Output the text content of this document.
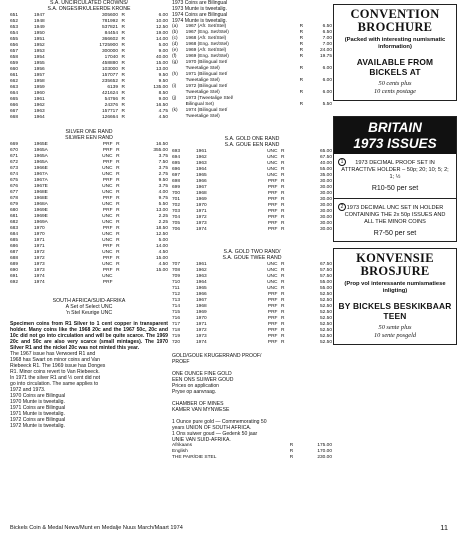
S.A. UNCIRCULATED CROWNS/
S.A. ONGESIRKULEERDE KRONE
651	1947	305600	R	6.00
652	1948	781992	R	10.00
653	1949	537821	R	12.50
654	1950	84454	R	19.00
655	1951	366602	R	14.00
656	1952	1725900	R	5.00
657	1953	300000	R	9.00
658	1954	17040	R	40.00
659	1955	458880	R	15.00
660	1956	103000	R	13.00
661	1957	157077	R	9.50
662	1958	235652	R	9.50
663	1959	6139	R	135.00
664	1960	421624	R	8.50
665	1961	54766	R	9.00
666	1962	24376	R	16.50
667	1963	157717	R	4.75
668	1964	126664	R	4.50
SILVER ONE RAND
SILWER EEN RAND
669	1965E	PRF	R	16.50
670	1965A	PRF	R	355.00
671	1965A	UNC	R	3.75
672	1965A	PRF	R	7.50
673	1966E	UNC	R	3.75
674	1967A	UNC	R	2.75
675	1967A	PRF	R	9.50
676	1967E	UNC	R	3.75
677	1968E	UNC	R	4.00
678	1968E	PRF	R	9.75
679	1968A	UNC	R	5.50
680	1969E	PRF	R	13.00
681	1969E	UNC	R	2.25
682	1969A	UNC	R	2.25
683	1970	PRF	R	18.50
684	1970	UNC	R	12.50
685	1971	UNC	R	5.00
686	1971	PRF	R	14.00
687	1972	UNC	R	4.50
688	1972	PRF	R	15.00
689	1973	UNC	R	4.50
690	1973	PRF	R	15.00
691	1974	UNC		
692	1974	PRF		
SOUTH AFRICA/SUID-AFRIKA
A Set of Select UNC
'n Stel Keurige UNC
Specimen coins from R1 Silver to 1 cent copper in transparent holder. Many coins like the 1968 20c and the 1967 50c, 20c and 10c did not go into circulation and will be quite scarce. The 1969 20c and 50c are also very scarce (small mintages). The 1970 Silver R1 and the nickel 20c was not minted this year.
The 1967 issue has Verwoerd R1 and
1968 has Swart on minor coins and Van
Riebeeck R1. The 1969 issue has Donges
R1. Minor coins revert to Van Riebeeck.
In 1971 the silver R1 and ½ cent did not
go into circulation. The same applies to
1972 and 1973.
1970 Coins are Bilingual
1970 Munte is tweetalig.
1971 Coins are Bilingual
1971 Munte is tweetalig.
1972 Coins are Bilingual
1972 Munte is tweetalig.
1973 Coins are Bilingual
1973 Munte is tweetalig.
1974 Coins are Bilingual
1974 Munte is tweetalig.
(a)	1967 (Afr. Set/Stel)	R	6.50
(b)	1967 (Eng. Set/Stel)	R	6.50
(c)	1968 (Afr. Set/Stel)	R	7.00
(d)	1968 (Eng. Set/Stel)	R	7.00
(e)	1969 (Afr. Set/Stel)	R	24.00
(f)	1969 (Eng. Set/Stel)	R	19.75
(g)	1970 (Bilingual Set/		
	Tweetalige Stel)	R	6.00
(h)	1971 (Bilingual Set/		
	Tweetalige Stel)	R	6.00
(i)	1972 (Bilingual Set/		
	Tweetalige Stel)	R	6.00
(j)	1973 (Tweetalige Stel/		
	Bilingual Set)	R	5.50
(k)	1974 (Bilingual Set/		
	Tweetalige Stel)		
S.A. GOLD ONE RAND
S.A. GOUE EEN RAND
693	1961	UNC	R	65.00
694	1962	UNC	R	67.50
695	1963	UNC	R	40.00
696	1964	UNC	R	55.00
697	1965	UNC	R	35.00
698	1966	PRF	R	30.00
699	1967	PRF	R	30.00
700	1968	PRF	R	30.00
701	1969	PRF	R	30.00
702	1970	PRF	R	30.00
703	1971	PRF	R	30.00
704	1972	PRF	R	30.00
705	1973	PRF	R	30.00
706	1974	PRF	R	30.00
S.A. GOLD TWO RAND/
S.A. GOUE TWEE RAND
707	1961	UNC	R	67.50
708	1962	UNC	R	57.50
709	1963	UNC	R	57.50
710	1964	UNC	R	55.00
711	1965	UNC	R	55.00
712	1966	PRF	R	52.50
713	1967	PRF	R	52.50
714	1968	PRF	R	52.50
715	1969	PRF	R	52.50
716	1970	PRF	R	52.50
717	1971	PRF	R	52.50
718	1972	PRF	R	52.50
719	1973	PRF	R	52.50
720	1974	PRF	R	52.50
GOLD/GOUE KRUGERRAND PROOF/
PROEF
ONE OUNCE FINE GOLD
EEN ONS SUIWER GOUD
Prices on application
Pryse op aanvraag.
CHAMBER OF MINES
KAMER VAN MYNWESE
1 Ounce pure gold — Commemorating 50
years UNION OF SOUTH AFRICA.
1 Ons suiwer goud — Gedenk 50 jaar
UNIE VAN SUID-AFRIKA.
Afrikaans	R	175.00
English	R	170.00
THE PAIR/DIE STEL	R	230.00
CONVENTION
BROCHURE
(Packed with interesting numismatic information)
AVAILABLE FROM BICKELS AT
50 cents plus
10 cents postage
BRITAIN
1973 ISSUES
1	1973 DECIMAL PROOF SET IN ATTRACTIVE HOLDER – 50p; 20; 10; 5; 2; 1; ½
R10-50 per set
2 1973 DECIMAL UNC SET IN HOLDER CONTAINING THE 2x 50p ISSUES AND ALL THE MINOR COINS
R7-50 per set
KONVENSIE
BROSJURE
(Prop vol interessante numismatiese inligting)
BY BICKELS BESKIKBAAR TEEN
50 sente plus
10 sente posgeld
Bickels Coin & Medal News/Munt en Medalje Nuus March/Maart 1974	11
